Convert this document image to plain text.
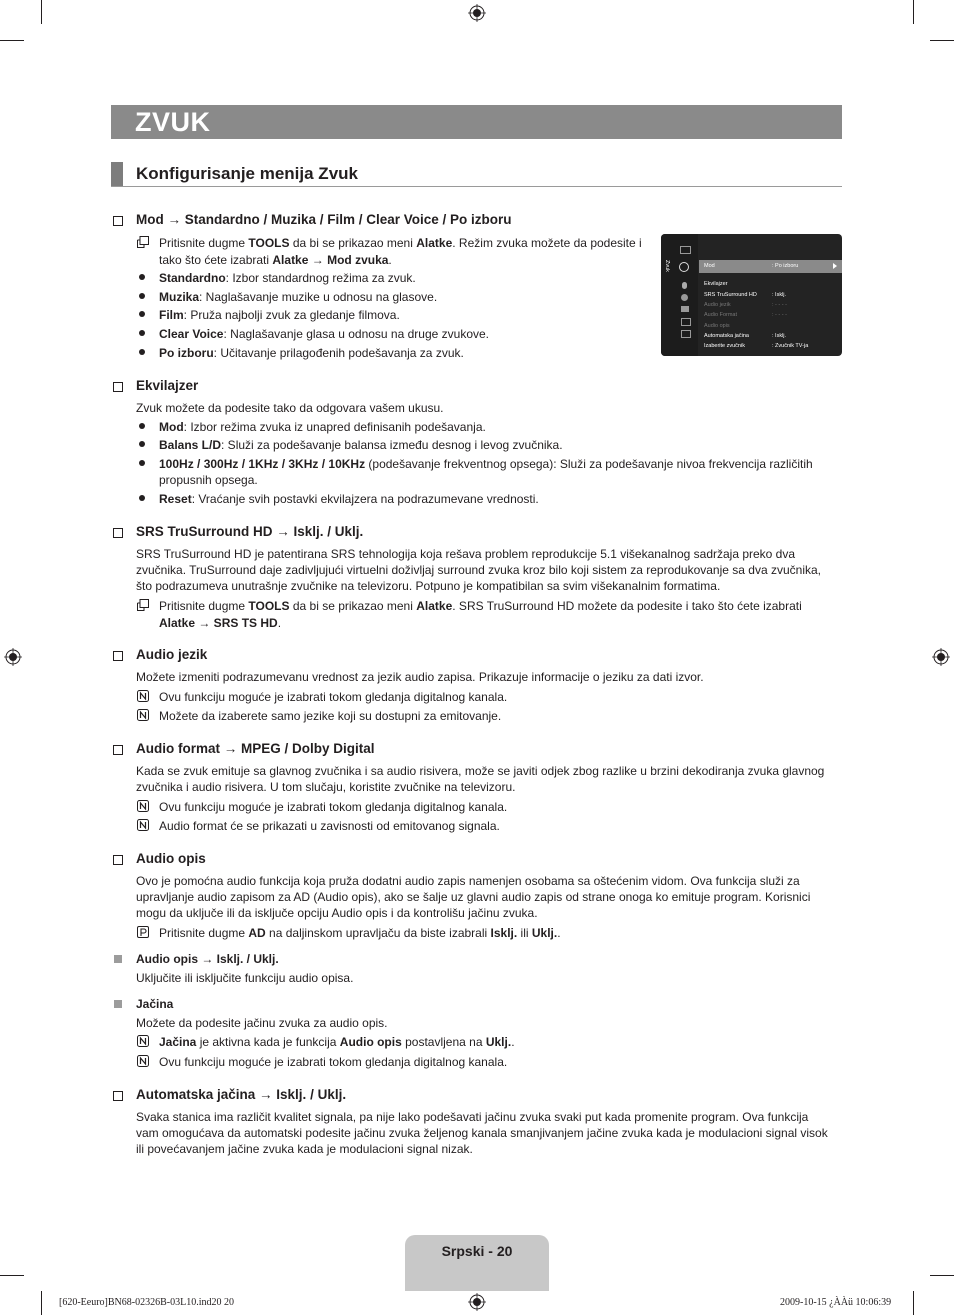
ZVUK
Konfigurisanje menija Zvuk
Mod → Standardno / Muzika / Film / Clear Voice / Po izboru
Pritisnite dugme TOOLS da bi se prikazao meni Alatke. Režim zvuka možete da podesite i
tako što ćete izabrati Alatke → Mod zvuka.
Standardno: Izbor standardnog režima za zvuk.
Muzika: Naglašavanje muzike u odnosu na glasove.
Film: Pruža najbolji zvuk za gledanje filmova.
Clear Voice: Naglašavanje glasa u odnosu na druge zvukove.
Po izboru: Učitavanje prilagođenih podešavanja za zvuk.
Zvuk	Mod	: Po izboru
Ekvilajzer
SRS TruSurround HD	: Isklj.
Audio jezik	: - - - -
Audio Format	: - - - -
Audio opis
Automatska jačina	: Isklj.
Izaberite zvučnik	: Zvučnik TV-ja
Ekvilajzer
Zvuk možete da podesite tako da odgovara vašem ukusu.
Mod: Izbor režima zvuka iz unapred definisanih podešavanja.
Balans L/D: Služi za podešavanje balansa između desnog i levog zvučnika.
100Hz / 300Hz / 1KHz / 3KHz / 10KHz (podešavanje frekventnog opsega): Služi za podešavanje nivoa frekvencija različitih
propusnih opsega.
Reset: Vraćanje svih postavki ekvilajzera na podrazumevane vrednosti.
SRS TruSurround HD → Isklj. / Uklj.
SRS TruSurround HD je patentirana SRS tehnologija koja rešava problem reprodukcije 5.1 višekanalnog sadržaja preko dva
zvučnika. TruSurround daje zadivljujući virtuelni doživljaj surround zvuka kroz bilo koji sistem za reprodukovanje sa dva zvučnika,
što podrazumeva unutrašnje zvučnike na televizoru. Potpuno je kompatibilan sa svim višekanalnim formatima.
Pritisnite dugme TOOLS da bi se prikazao meni Alatke. SRS TruSurround HD možete da podesite i tako što ćete izabrati
Alatke → SRS TS HD.
Audio jezik
Možete izmeniti podrazumevanu vrednost za jezik audio zapisa. Prikazuje informacije o jeziku za dati izvor.
Ovu funkciju moguće je izabrati tokom gledanja digitalnog kanala.
Možete da izaberete samo jezike koji su dostupni za emitovanje.
Audio format → MPEG / Dolby Digital
Kada se zvuk emituje sa glavnog zvučnika i sa audio risivera, može se javiti odjek zbog razlike u brzini dekodiranja zvuka glavnog
zvučnika i audio risivera. U tom slučaju, koristite zvučnike na televizoru.
Ovu funkciju moguće je izabrati tokom gledanja digitalnog kanala.
Audio format će se prikazati u zavisnosti od emitovanog signala.
Audio opis
Ovo je pomoćna audio funkcija koja pruža dodatni audio zapis namenjen osobama sa oštećenim vidom. Ova funkcija služi za
upravljanje audio zapisom za AD (Audio opis), ako se šalje uz glavni audio zapis od strane onoga ko emituje program. Korisnici
mogu da uključe ili da isključe opciju Audio opis i da kontrolišu jačinu zvuka.
Pritisnite dugme AD na daljinskom upravljaču da biste izabrali Isklj. ili Uklj..
Audio opis → Isklj. / Uklj.
Uključite ili isključite funkciju audio opisa.
Jačina
Možete da podesite jačinu zvuka za audio opis.
Jačina je aktivna kada je funkcija Audio opis postavljena na Uklj..
Ovu funkciju moguće je izabrati tokom gledanja digitalnog kanala.
Automatska jačina → Isklj. / Uklj.
Svaka stanica ima različit kvalitet signala, pa nije lako podešavati jačinu zvuka svaki put kada promenite program. Ova funkcija
vam omogućava da automatski podesite jačinu zvuka željenog kanala smanjivanjem jačine zvuka kada je modulacioni signal visok
ili povećavanjem jačine zvuka kada je modulacioni signal nizak.
Srpski - 20
[620-Eeuro]BN68-02326B-03L10.ind20 20	2009-10-15 ¿ÀÀü 10:06:39
